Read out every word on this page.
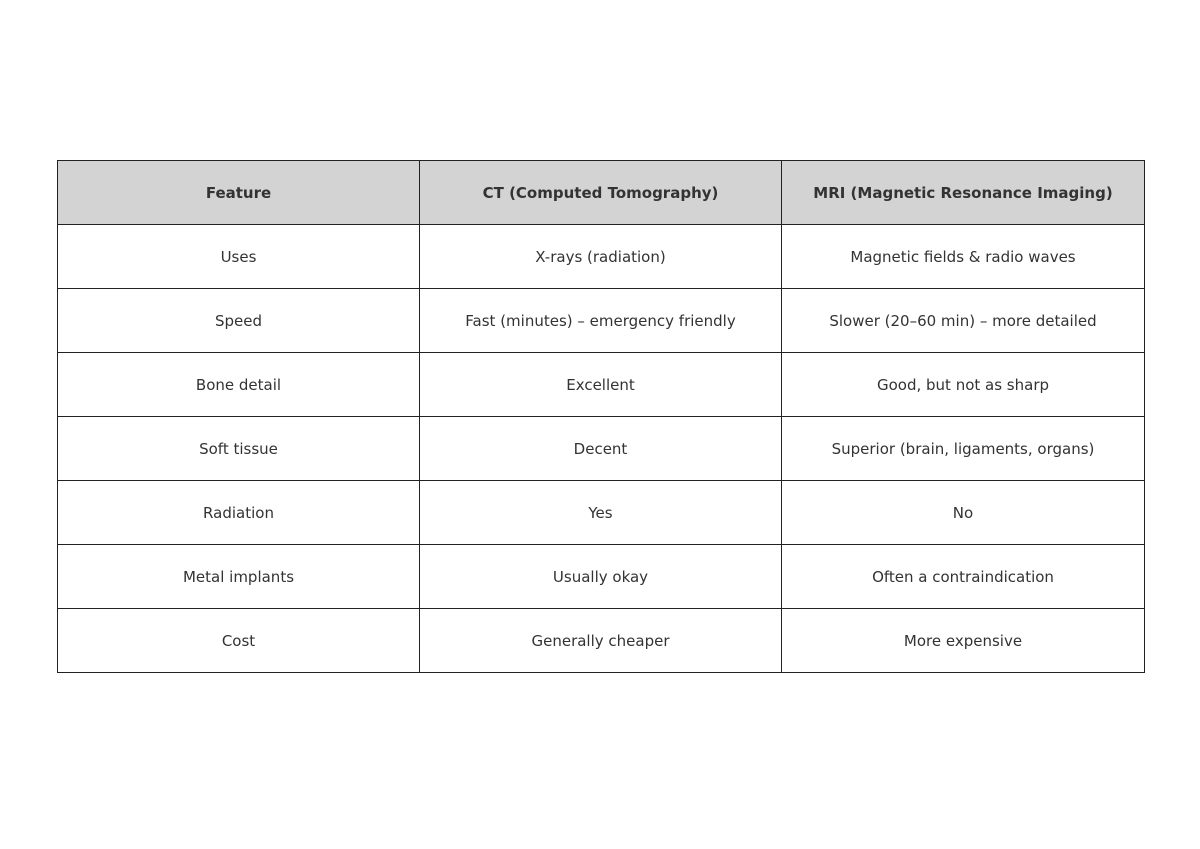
Feature	CT (Computed Tomography)	MRI (Magnetic Resonance Imaging)
Uses	X-rays (radiation)	Magnetic fields & radio waves
Speed	Fast (minutes) – emergency friendly	Slower (20–60 min) – more detailed
Bone detail	Excellent	Good, but not as sharp
Soft tissue	Decent	Superior (brain, ligaments, organs)
Radiation	Yes	No
Metal implants	Usually okay	Often a contraindication
Cost	Generally cheaper	More expensive
